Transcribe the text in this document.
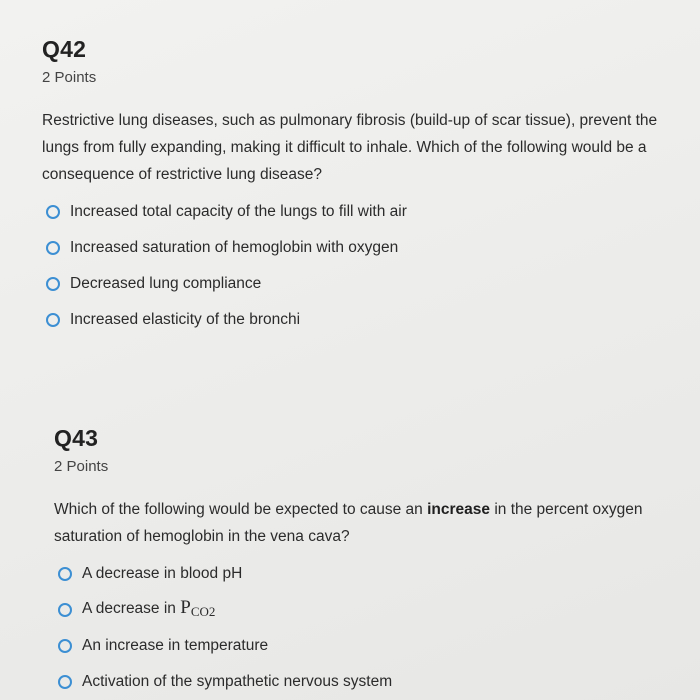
Q42
2 Points
Restrictive lung diseases, such as pulmonary fibrosis (build-up of scar tissue), prevent the lungs from fully expanding, making it difficult to inhale. Which of the following would be a consequence of restrictive lung disease?
Increased total capacity of the lungs to fill with air
Increased saturation of hemoglobin with oxygen
Decreased lung compliance
Increased elasticity of the bronchi
Q43
2 Points
Which of the following would be expected to cause an increase in the percent oxygen saturation of hemoglobin in the vena cava?
A decrease in blood pH
A decrease in $P_{CO2}$
An increase in temperature
Activation of the sympathetic nervous system
